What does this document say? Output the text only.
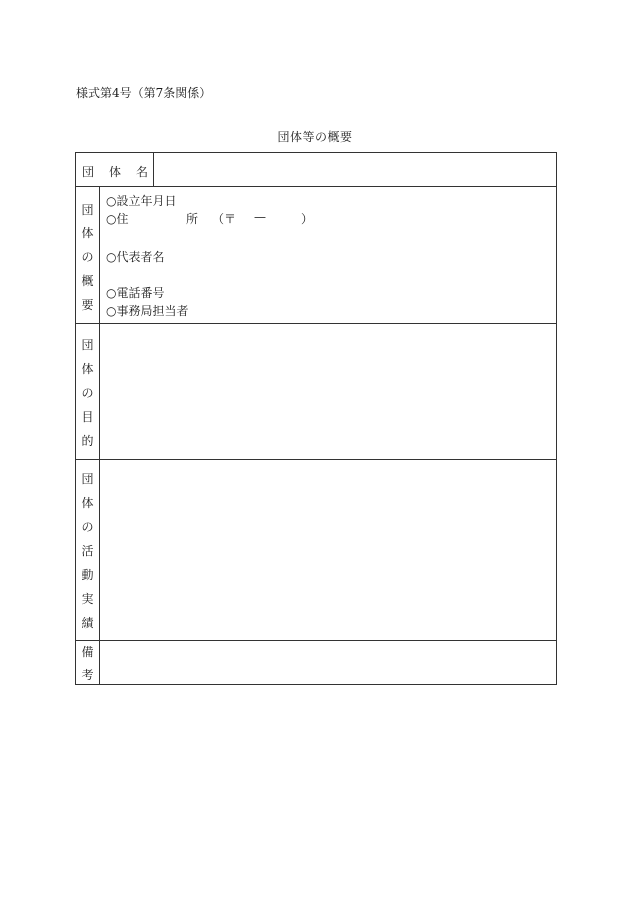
様式第4号（第7条関係）
団体等の概要
団 体 名
団
体
の
概
要
○設立年月日
○住	所 （〒 —	）
○代表者名
○電話番号
○事務局担当者
団
体
の
目
的
団
体
の
活
動
実
績
備
考
